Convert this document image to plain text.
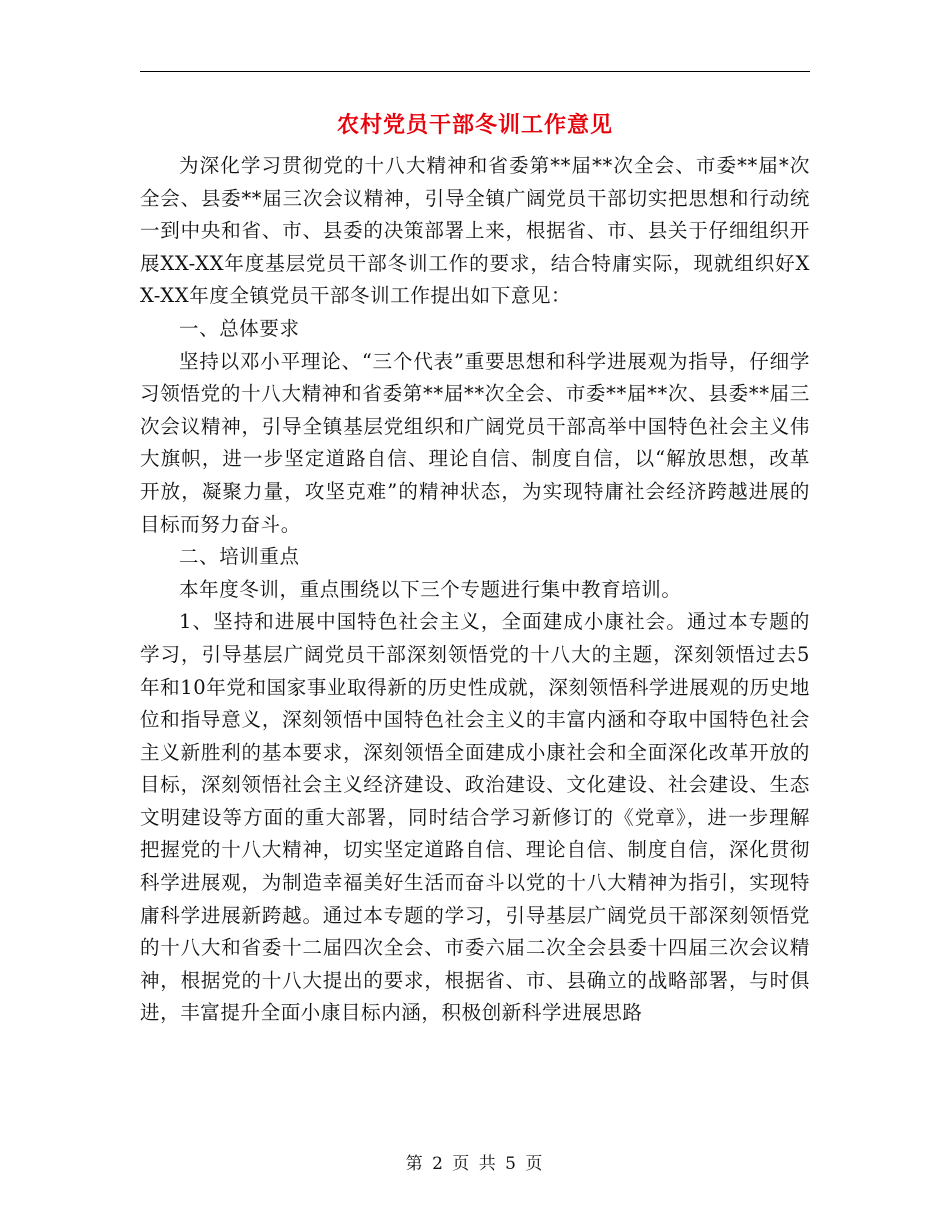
农村党员干部冬训工作意见

为深化学习贯彻党的十八大精神和省委第**届**次全会、市委**届*次全会、县委**届三次会议精神，引导全镇广阔党员干部切实把思想和行动统一到中央和省、市、县委的决策部署上来，根据省、市、县关于仔细组织开展XX-XX年度基层党员干部冬训工作的要求，结合特庸实际，现就组织好XX-XX年度全镇党员干部冬训工作提出如下意见：

一、总体要求

坚持以邓小平理论、“三个代表”重要思想和科学进展观为指导，仔细学习领悟党的十八大精神和省委第**届**次全会、市委**届**次、县委**届三次会议精神，引导全镇基层党组织和广阔党员干部高举中国特色社会主义伟大旗帜，进一步坚定道路自信、理论自信、制度自信，以“解放思想，改革开放，凝聚力量，攻坚克难”的精神状态，为实现特庸社会经济跨越进展的目标而努力奋斗。

二、培训重点

本年度冬训，重点围绕以下三个专题进行集中教育培训。

1、坚持和进展中国特色社会主义，全面建成小康社会。通过本专题的学习，引导基层广阔党员干部深刻领悟党的十八大的主题，深刻领悟过去5年和10年党和国家事业取得新的历史性成就，深刻领悟科学进展观的历史地位和指导意义，深刻领悟中国特色社会主义的丰富内涵和夺取中国特色社会主义新胜利的基本要求，深刻领悟全面建成小康社会和全面深化改革开放的目标，深刻领悟社会主义经济建设、政治建设、文化建设、社会建设、生态文明建设等方面的重大部署，同时结合学习新修订的《党章》，进一步理解把握党的十八大精神，切实坚定道路自信、理论自信、制度自信，深化贯彻科学进展观，为制造幸福美好生活而奋斗以党的十八大精神为指引，实现特庸科学进展新跨越。通过本专题的学习，引导基层广阔党员干部深刻领悟党的十八大和省委十二届四次全会、市委六届二次全会县委十四届三次会议精神，根据党的十八大提出的要求，根据省、市、县确立的战略部署，与时俱进，丰富提升全面小康目标内涵，积极创新科学进展思路

第 2 页 共 5 页
